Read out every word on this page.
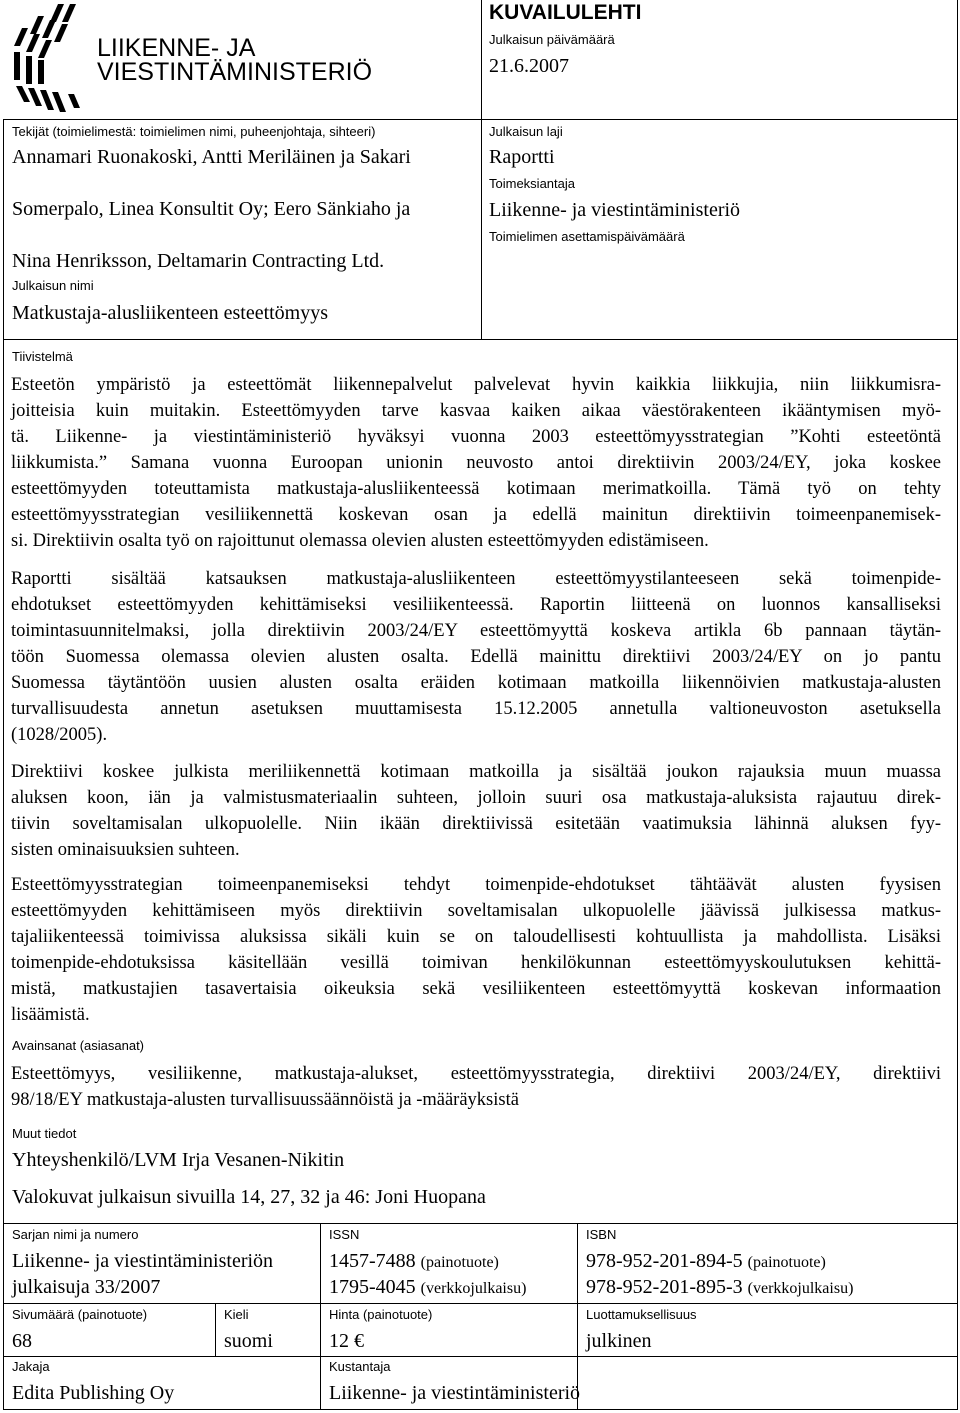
LIIKENNE- JA
VIESTINTÄMINISTERIÖ
KUVAILULEHTI
Julkaisun päivämäärä
21.6.2007
Tekijät (toimielimestä: toimielimen nimi, puheenjohtaja, sihteeri)
Annamari Ruonakoski, Antti Meriläinen ja Sakari
Somerpalo, Linea Konsultit Oy; Eero Sänkiaho ja
Nina Henriksson, Deltamarin Contracting Ltd.
Julkaisun nimi
Matkustaja-alusliikenteen esteettömyys
Julkaisun laji
Raportti
Toimeksiantaja
Liikenne- ja viestintäministeriö
Toimielimen asettamispäivämäärä
Tiivistelmä
Esteetön ympäristö ja esteettömät liikennepalvelut palvelevat hyvin kaikkia liikkujia, niin liikkumisra-
joitteisia kuin muitakin. Esteettömyyden tarve kasvaa kaiken aikaa väestörakenteen ikääntymisen myö-
tä. Liikenne- ja viestintäministeriö hyväksyi vuonna 2003 esteettömyysstrategian ”Kohti esteetöntä
liikkumista.” Samana vuonna Euroopan unionin neuvosto antoi direktiivin 2003/24/EY, joka koskee
esteettömyyden toteuttamista matkustaja-alusliikenteessä kotimaan merimatkoilla. Tämä työ on tehty
esteettömyysstrategian vesiliikennettä koskevan osan ja edellä mainitun direktiivin toimeenpanemisek-
si. Direktiivin osalta työ on rajoittunut olemassa olevien alusten esteettömyyden edistämiseen.
Raportti sisältää katsauksen matkustaja-alusliikenteen esteettömyystilanteeseen sekä toimenpide-
ehdotukset esteettömyyden kehittämiseksi vesiliikenteessä. Raportin liitteenä on luonnos kansalliseksi
toimintasuunnitelmaksi, jolla direktiivin 2003/24/EY esteettömyyttä koskeva artikla 6b pannaan täytän-
töön Suomessa olemassa olevien alusten osalta. Edellä mainittu direktiivi 2003/24/EY on jo pantu
Suomessa täytäntöön uusien alusten osalta eräiden kotimaan matkoilla liikennöivien matkustaja-alusten
turvallisuudesta annetun asetuksen muuttamisesta 15.12.2005 annetulla valtioneuvoston asetuksella
(1028/2005).
Direktiivi koskee julkista meriliikennettä kotimaan matkoilla ja sisältää joukon rajauksia muun muassa
aluksen koon, iän ja valmistusmateriaalin suhteen, jolloin suuri osa matkustaja-aluksista rajautuu direk-
tiivin soveltamisalan ulkopuolelle. Niin ikään direktiivissä esitetään vaatimuksia lähinnä aluksen fyy-
sisten ominaisuuksien suhteen.
Esteettömyysstrategian toimeenpanemiseksi tehdyt toimenpide-ehdotukset tähtäävät alusten fyysisen
esteettömyyden kehittämiseen myös direktiivin soveltamisalan ulkopuolelle jäävissä julkisessa matkus-
tajaliikenteessä toimivissa aluksissa sikäli kuin se on taloudellisesti kohtuullista ja mahdollista. Lisäksi
toimenpide-ehdotuksissa käsitellään vesillä toimivan henkilökunnan esteettömyyskoulutuksen kehittä-
mistä, matkustajien tasavertaisia oikeuksia sekä vesiliikenteen esteettömyyttä koskevan informaation
lisäämistä.
Avainsanat (asiasanat)
Esteettömyys, vesiliikenne, matkustaja-alukset, esteettömyysstrategia, direktiivi 2003/24/EY, direktiivi
98/18/EY matkustaja-alusten turvallisuussäännöistä ja -määräyksistä
Muut tiedot
Yhteyshenkilö/LVM Irja Vesanen-Nikitin
Valokuvat julkaisun sivuilla 14, 27, 32 ja 46: Joni Huopana
Sarjan nimi ja numero
Liikenne- ja viestintäministeriön
julkaisuja 33/2007
ISSN
1457-7488 (painotuote)
1795-4045 (verkkojulkaisu)
ISBN
978-952-201-894-5 (painotuote)
978-952-201-895-3 (verkkojulkaisu)
Sivumäärä (painotuote)
68
Kieli
suomi
Hinta (painotuote)
12 €
Luottamuksellisuus
julkinen
Jakaja
Edita Publishing Oy
Kustantaja
Liikenne- ja viestintäministeriö
